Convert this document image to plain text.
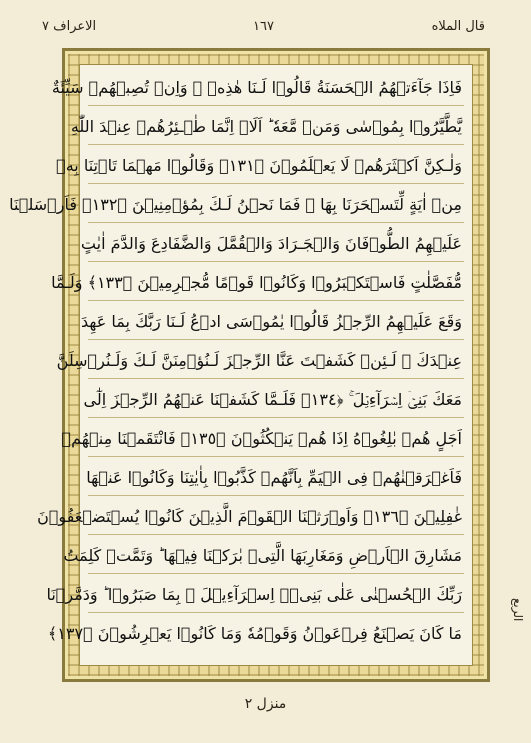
الاعراف ٧	١٦٧	قال الملاه
فَاِذَا جَآءَتۡهُمُ الۡحَسَنَةُ قَالُوۡا لَـنَا هٰذِهٖ‌ ۚ وَاِنۡ تُصِبۡهُمۡ سَيِّئَةٌ
يَّطَّيَّرُوۡا بِمُوۡسٰى وَمَنۡ مَّعَهٗ ؕ اَلَاۤ اِنَّمَا طٰۤـئِرُهُمۡ عِنۡدَ اللّٰهِ
وَلٰـكِنَّ اَكۡثَرَهُمۡ لَا يَعۡلَمُوۡنَ ﴿١٣١﴾ وَقَالُوۡا مَهۡمَا تَاۡتِنَا بِهٖ
مِنۡ اٰيَةٍ لِّتَسۡحَرَنَا بِهَا ۙ فَمَا نَحۡنُ لَـكَ بِمُؤۡمِنِيۡنَ ﴿١٣٢﴾ فَاَرۡسَلۡنَا
عَلَيۡهِمُ الطُّوۡفَانَ وَالۡجَـرَادَ وَالۡقُمَّلَ وَالضَّفَادِعَ وَالدَّمَ اٰيٰتٍ
مُّفَصَّلٰتٍ فَاسۡتَكۡبَرُوۡا وَكَانُوۡا قَوۡمًا مُّجۡرِمِيۡنَ ﴿١٣٣﴾ وَلَـمَّا
وَقَعَ عَلَيۡهِمُ الرِّجۡزُ قَالُوۡا يٰمُوۡسَى ادۡعُ لَـنَا رَبَّكَ بِمَا عَهِدَ
عِنۡدَكَ‌ ۚ لَـئِنۡ كَشَفۡتَ عَنَّا الرِّجۡزَ لَـنُؤۡمِنَنَّ لَـكَ وَلَـنُرۡسِلَنَّ
مَعَكَ بَنِىۡۤ اِسۡرَآءِيۡلَ‌ ۚ ﴿١٣٤﴾ فَلَـمَّا كَشَفۡنَا عَنۡهُمُ الرِّجۡزَ اِلٰٓى
اَجَلٍ هُمۡ بٰلِغُوۡهُ اِذَا هُمۡ يَنۡكُثُوۡنَ ﴿١٣٥﴾ فَانْتَقَمۡنَا مِنۡهُمۡ
فَاَغۡرَقۡنٰهُمۡ فِى الۡيَمِّ بِاَنَّهُمۡ كَذَّبُوۡا بِاٰيٰتِنَا وَكَانُوۡا عَنۡهَا
غٰفِلِيۡنَ ﴿١٣٦﴾ وَاَوۡرَثۡنَا الۡقَوۡمَ الَّذِيۡنَ كَانُوۡا يُسۡتَضۡعَفُوۡنَ
مَشَارِقَ الۡاَرۡضِ وَمَغَارِبَهَا الَّتِىۡ بٰرَكۡنَا فِيۡهَا‌ ؕ وَتَمَّتۡ كَلِمَتُ
رَبِّكَ الۡحُسۡنٰى عَلٰى بَنِىۡۤ اِسۡرَآءِيۡلَ ۙ بِمَا صَبَرُوۡا‌ ؕ وَدَمَّرۡنَا
مَا كَانَ يَصۡنَعُ فِرۡعَوۡنُ وَقَوۡمُهٗ وَمَا كَانُوۡا يَعۡرِشُوۡنَ ﴿١٣٧﴾
الربع
منزل ٢
